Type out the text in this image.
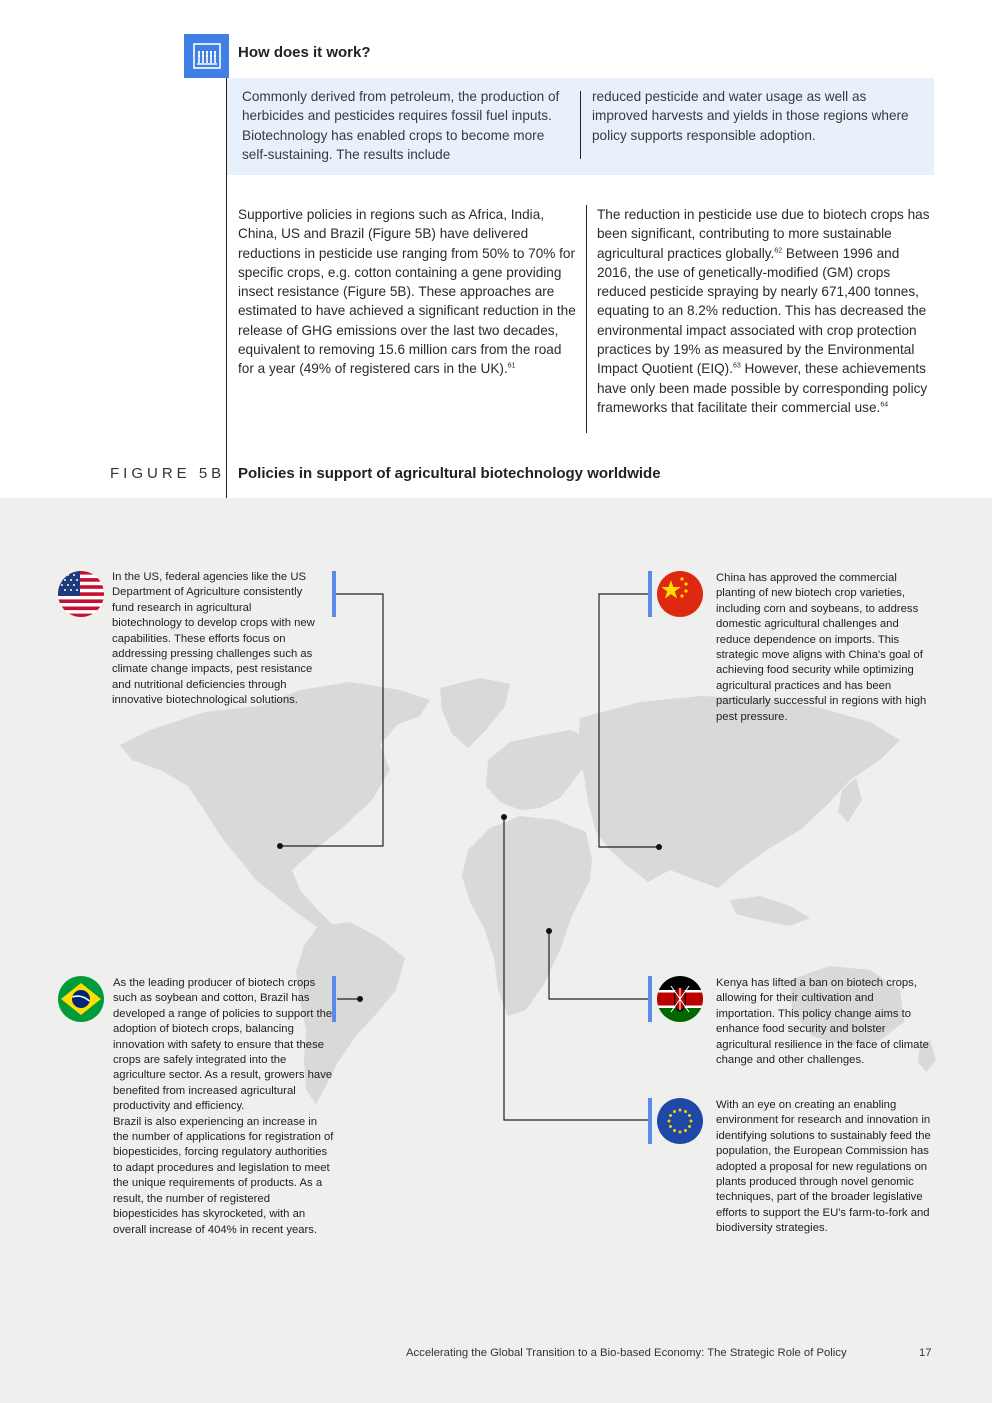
How does it work?
Commonly derived from petroleum, the production of herbicides and pesticides requires fossil fuel inputs. Biotechnology has enabled crops to become more self-sustaining. The results include
reduced pesticide and water usage as well as improved harvests and yields in those regions where policy supports responsible adoption.
Supportive policies in regions such as Africa, India, China, US and Brazil (Figure 5B) have delivered reductions in pesticide use ranging from 50% to 70% for specific crops, e.g. cotton containing a gene providing insect resistance (Figure 5B). These approaches are estimated to have achieved a significant reduction in the release of GHG emissions over the last two decades, equivalent to removing 15.6 million cars from the road for a year (49% of registered cars in the UK).$^{61}$
The reduction in pesticide use due to biotech crops has been significant, contributing to more sustainable agricultural practices globally.$^{62}$ Between 1996 and 2016, the use of genetically-modified (GM) crops reduced pesticide spraying by nearly 671,400 tonnes, equating to an 8.2% reduction. This has decreased the environmental impact associated with crop protection practices by 19% as measured by the Environmental Impact Quotient (EIQ).$^{63}$ However, these achievements have only been made possible by corresponding policy frameworks that facilitate their commercial use.$^{64}$
FIGURE 5B Policies in support of agricultural biotechnology worldwide
In the US, federal agencies like the US Department of Agriculture consistently fund research in agricultural biotechnology to develop crops with new capabilities. These efforts focus on addressing pressing challenges such as climate change impacts, pest resistance and nutritional deficiencies through innovative biotechnological solutions.
China has approved the commercial planting of new biotech crop varieties, including corn and soybeans, to address domestic agricultural challenges and reduce dependence on imports. This strategic move aligns with China's goal of achieving food security while optimizing agricultural practices and has been particularly successful in regions with high pest pressure.
As the leading producer of biotech crops such as soybean and cotton, Brazil has developed a range of policies to support the adoption of biotech crops, balancing innovation with safety to ensure that these crops are safely integrated into the agriculture sector. As a result, growers have benefited from increased agricultural productivity and efficiency.
Brazil is also experiencing an increase in the number of applications for registration of biopesticides, forcing regulatory authorities to adapt procedures and legislation to meet the unique requirements of products. As a result, the number of registered biopesticides has skyrocketed, with an overall increase of 404% in recent years.
Kenya has lifted a ban on biotech crops, allowing for their cultivation and importation. This policy change aims to enhance food security and bolster agricultural resilience in the face of climate change and other challenges.
With an eye on creating an enabling environment for research and innovation in identifying solutions to sustainably feed the population, the European Commission has adopted a proposal for new regulations on plants produced through novel genomic techniques, part of the broader legislative efforts to support the EU's farm-to-fork and biodiversity strategies.
Accelerating the Global Transition to a Bio-based Economy: The Strategic Role of Policy	17
